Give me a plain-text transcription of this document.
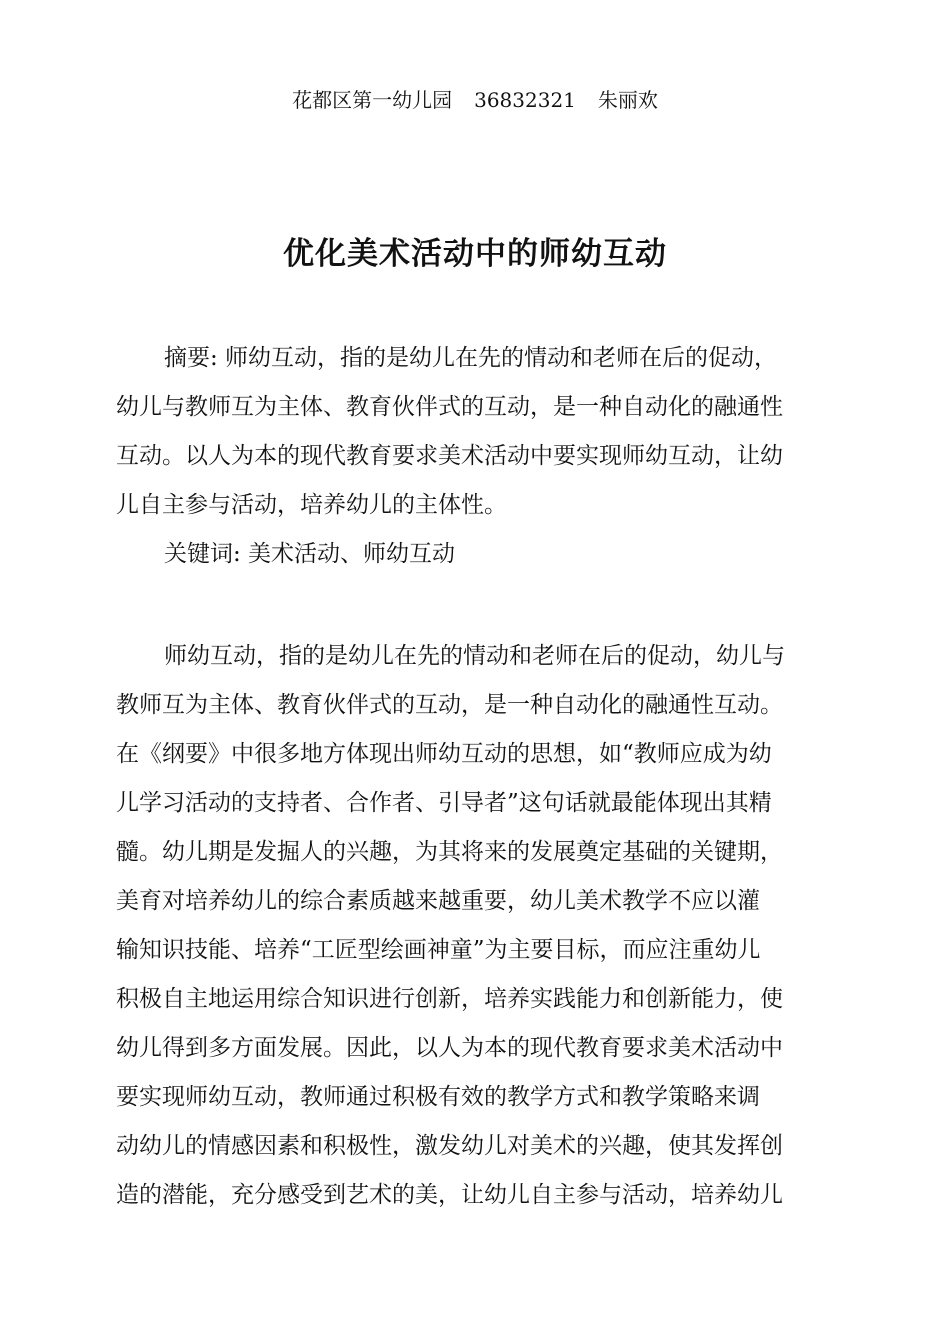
花都区第一幼儿园 36832321 朱丽欢
优化美术活动中的师幼互动
摘要: 师幼互动，指的是幼儿在先的情动和老师在后的促动，
幼儿与教师互为主体、教育伙伴式的互动，是一种自动化的融通性
互动。以人为本的现代教育要求美术活动中要实现师幼互动，让幼
儿自主参与活动，培养幼儿的主体性。
关键词: 美术活动、师幼互动
师幼互动，指的是幼儿在先的情动和老师在后的促动，幼儿与
教师互为主体、教育伙伴式的互动，是一种自动化的融通性互动。
在《纲要》中很多地方体现出师幼互动的思想，如“教师应成为幼
儿学习活动的支持者、合作者、引导者”这句话就最能体现出其精
髓。幼儿期是发掘人的兴趣，为其将来的发展奠定基础的关键期，
美育对培养幼儿的综合素质越来越重要，幼儿美术教学不应以灌
输知识技能、培养“工匠型绘画神童”为主要目标，而应注重幼儿
积极自主地运用综合知识进行创新，培养实践能力和创新能力，使
幼儿得到多方面发展。因此，以人为本的现代教育要求美术活动中
要实现师幼互动，教师通过积极有效的教学方式和教学策略来调
动幼儿的情感因素和积极性，激发幼儿对美术的兴趣，使其发挥创
造的潜能，充分感受到艺术的美，让幼儿自主参与活动，培养幼儿
